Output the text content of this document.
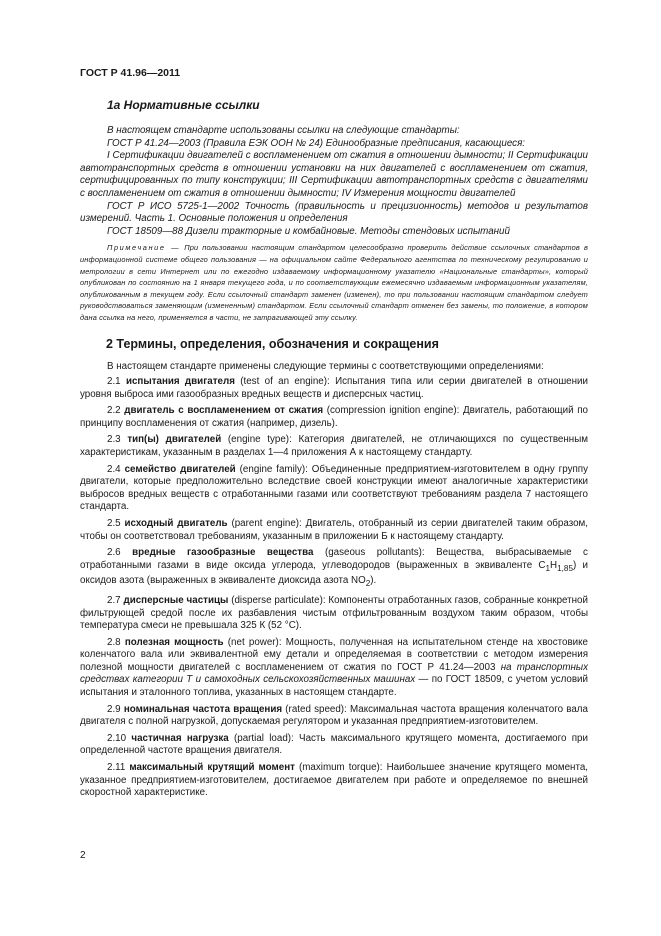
ГОСТ Р 41.96—2011
1а Нормативные ссылки

В настоящем стандарте использованы ссылки на следующие стандарты:

ГОСТ Р 41.24—2003 (Правила ЕЭК ООН № 24) Единообразные предписания, касающиеся:

I Сертификации двигателей с воспламенением от сжатия в отношении дымности; II Сертификации автотранспортных средств в отношении установки на них двигателей с воспламенением от сжатия, сертифицированных по типу конструкции; III Сертификации автотранспортных средств с двигателями с воспламенением от сжатия в отношении дымности; IV Измерения мощности двигателей

ГОСТ Р ИСО 5725-1—2002 Точность (правильность и прецизионность) методов и результатов измерений. Часть 1. Основные положения и определения

ГОСТ 18509—88 Дизели тракторные и комбайновые. Методы стендовых испытаний

Примечание — При пользовании настоящим стандартом целесообразно проверить действие ссылочных стандартов в информационной системе общего пользования — на официальном сайте Федерального агентства по техническому регулированию и метрологии в сети Интернет или по ежегодно издаваемому информационному указателю «Национальные стандарты», который опубликован по состоянию на 1 января текущего года, и по соответствующим ежемесячно издаваемым информационным указателям, опубликованным в текущем году. Если ссылочный стандарт заменен (изменен), то при пользовании настоящим стандартом следует руководствоваться заменяющим (измененным) стандартом. Если ссылочный стандарт отменен без замены, то положение, в котором дана ссылка на него, применяется в части, не затрагивающей эту ссылку.

2 Термины, определения, обозначения и сокращения

В настоящем стандарте применены следующие термины с соответствующими определениями:

2.1 испытания двигателя (test of an engine): Испытания типа или серии двигателей в отношении уровня выброса ими газообразных вредных веществ и дисперсных частиц.

2.2 двигатель с воспламенением от сжатия (compression ignition engine): Двигатель, работающий по принципу воспламенения от сжатия (например, дизель).

2.3 тип(ы) двигателей (engine type): Категория двигателей, не отличающихся по существенным характеристикам, указанным в разделах 1—4 приложения А к настоящему стандарту.

2.4 семейство двигателей (engine family): Объединенные предприятием-изготовителем в одну группу двигатели, которые предположительно вследствие своей конструкции имеют аналогичные характеристики выбросов вредных веществ с отработанными газами или соответствуют требованиям раздела 7 настоящего стандарта.

2.5 исходный двигатель (parent engine): Двигатель, отобранный из серии двигателей таким образом, чтобы он соответствовал требованиям, указанным в приложении Б к настоящему стандарту.

2.6 вредные газообразные вещества (gaseous pollutants): Вещества, выбрасываемые с отработанными газами в виде оксида углерода, углеводородов (выраженных в эквиваленте $C_1H_{1,85}$) и оксидов азота (выраженных в эквиваленте диоксида азота $NO_2$).

2.7 дисперсные частицы (disperse particulate): Компоненты отработанных газов, собранные конкретной фильтрующей средой после их разбавления чистым отфильтрованным воздухом таким образом, чтобы температура смеси не превышала 325 К (52 °С).

2.8 полезная мощность (net power): Мощность, полученная на испытательном стенде на хвостовике коленчатого вала или эквивалентной ему детали и определяемая в соответствии с методом измерения полезной мощности двигателей с воспламенением от сжатия по ГОСТ Р 41.24—2003 на транспортных средствах категории Т и самоходных сельскохозяйственных машинах — по ГОСТ 18509, с учетом условий испытания и эталонного топлива, указанных в настоящем стандарте.

2.9 номинальная частота вращения (rated speed): Максимальная частота вращения коленчатого вала двигателя с полной нагрузкой, допускаемая регулятором и указанная предприятием-изготовителем.

2.10 частичная нагрузка (partial load): Часть максимального крутящего момента, достигаемого при определенной частоте вращения двигателя.

2.11 максимальный крутящий момент (maximum torque): Наибольшее значение крутящего момента, указанное предприятием-изготовителем, достигаемое двигателем при работе и определяемое по внешней скоростной характеристике.

2
